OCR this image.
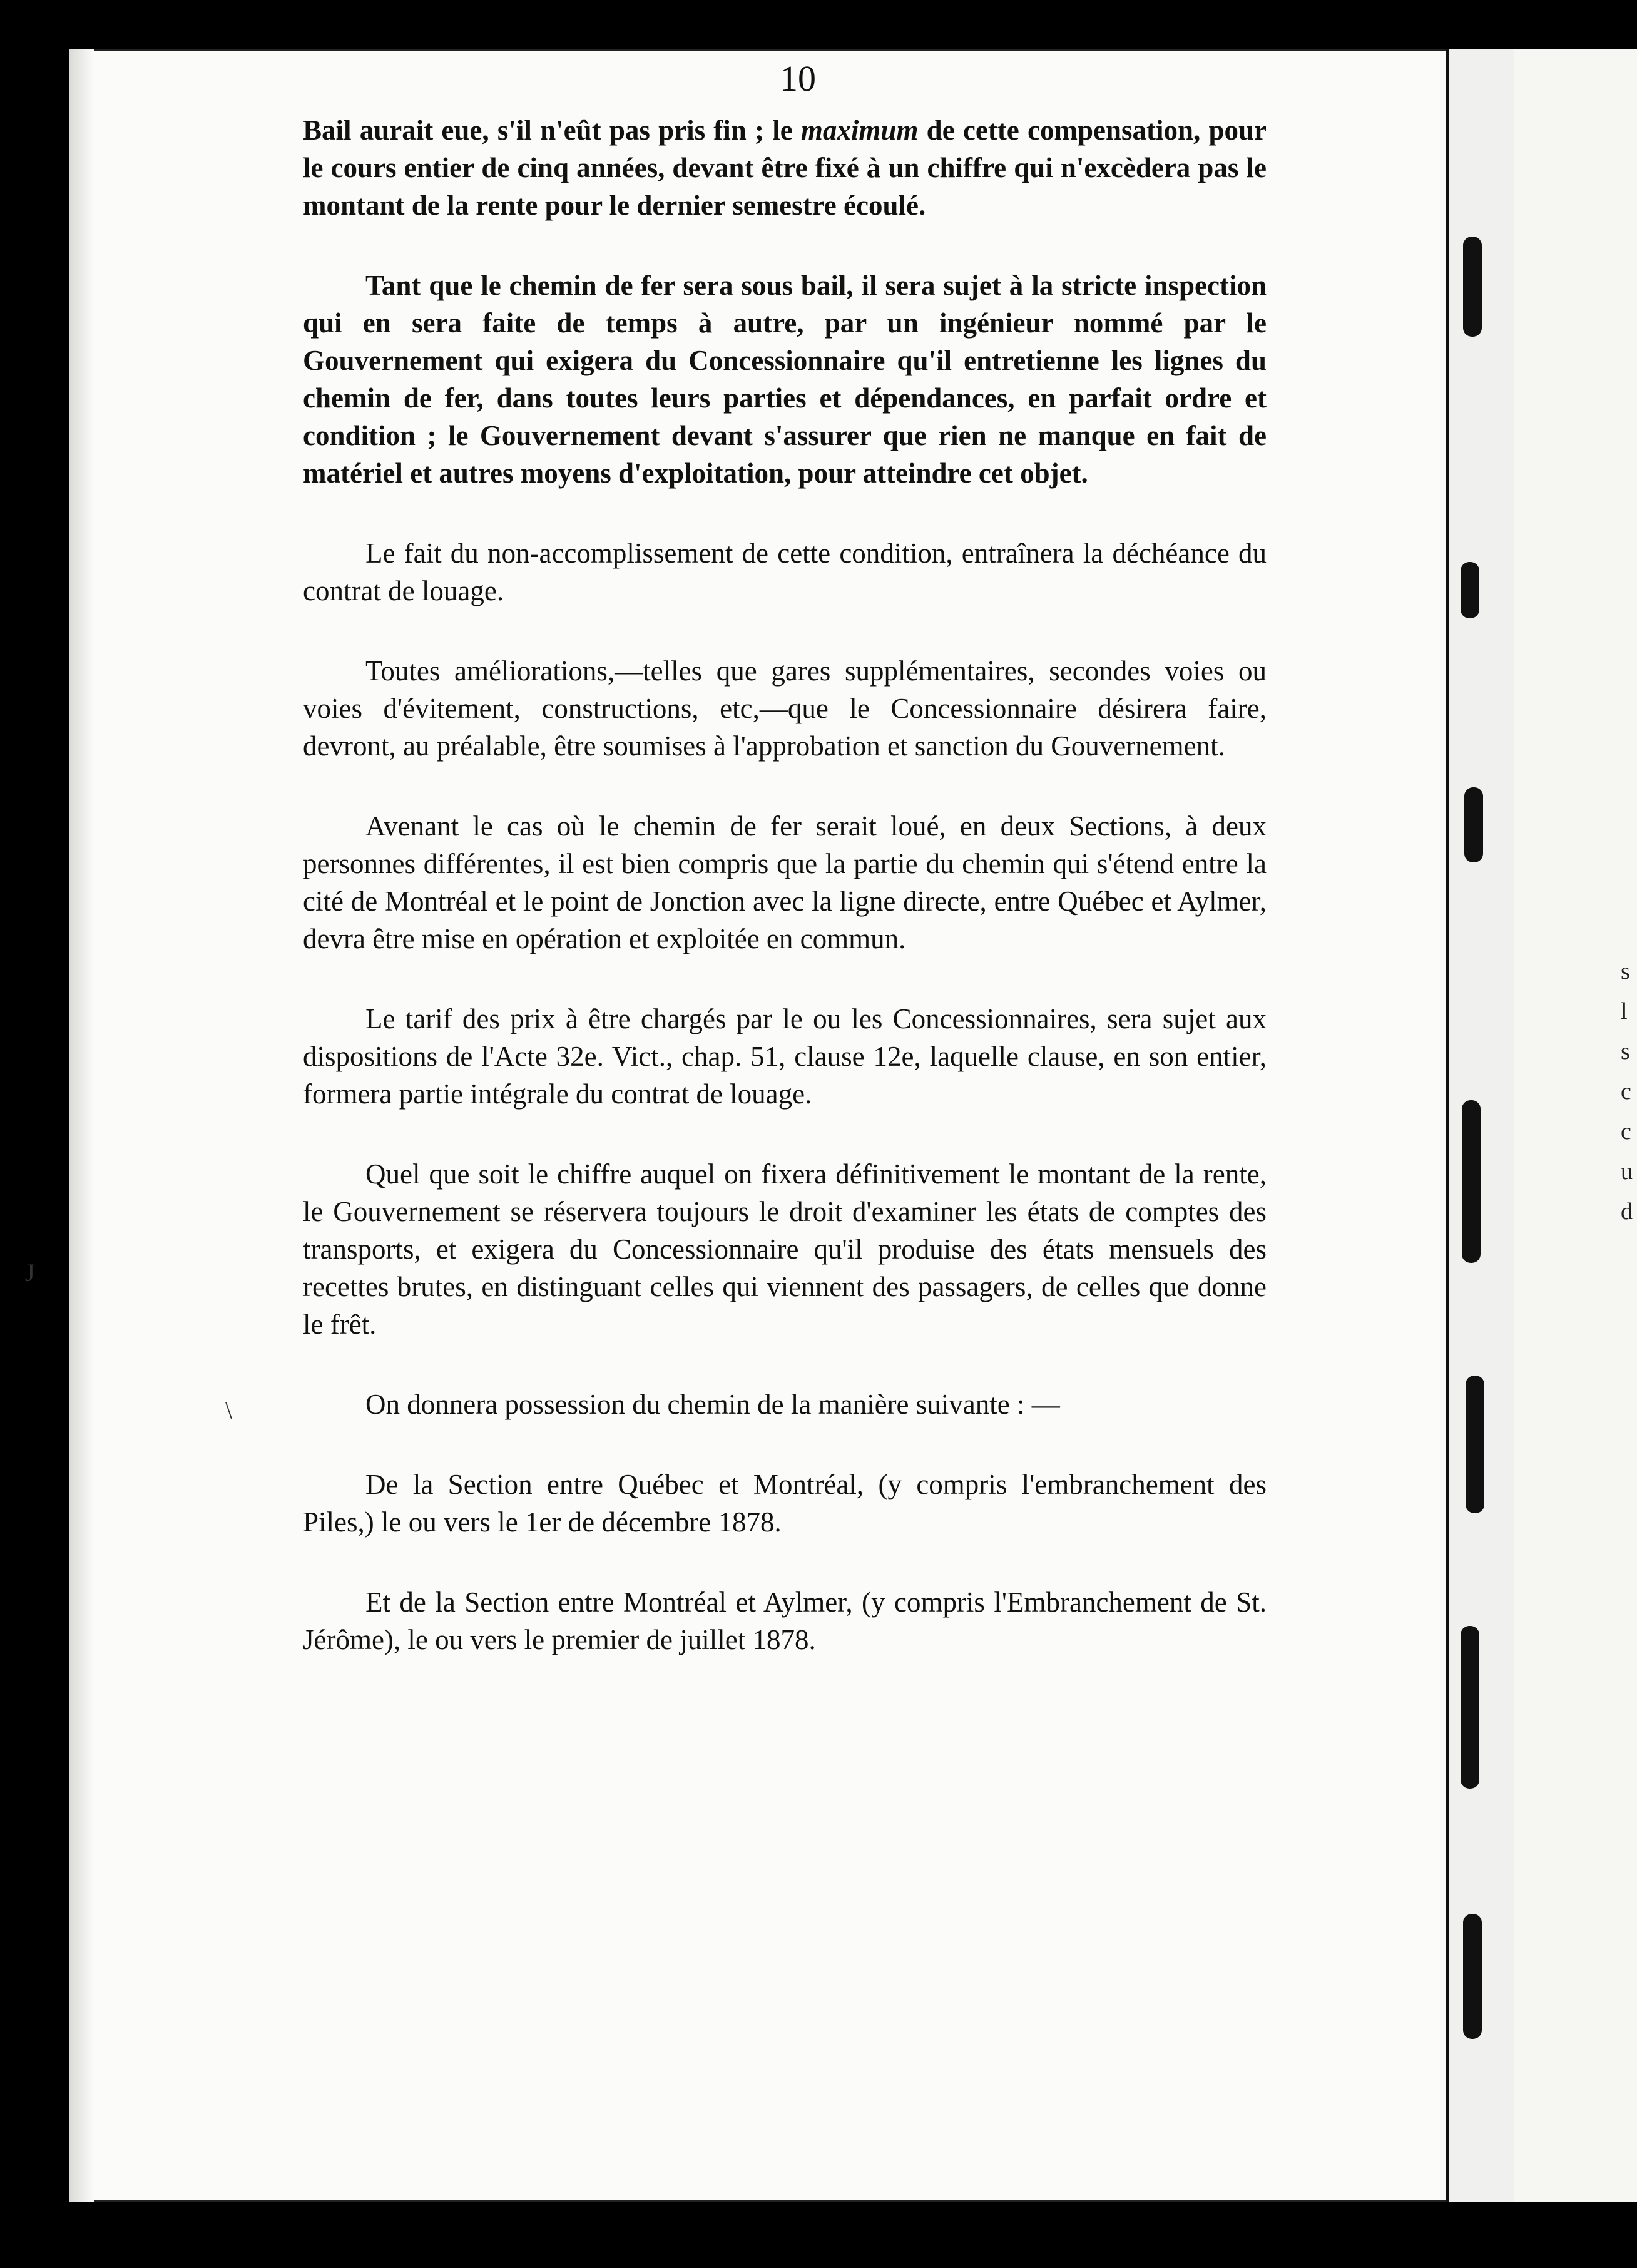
s
l
s
c
c
u
d
J
\
10

Bail aurait eue, s'il n'eût pas pris fin ; le maximum de cette compensation, pour le cours entier de cinq années, devant être fixé à un chiffre qui n'excèdera pas le montant de la rente pour le dernier semestre écoulé.

Tant que le chemin de fer sera sous bail, il sera sujet à la stricte inspection qui en sera faite de temps à autre, par un ingénieur nommé par le Gouvernement qui exigera du Concessionnaire qu'il entretienne les lignes du chemin de fer, dans toutes leurs parties et dépendances, en parfait ordre et condition ; le Gouvernement devant s'assurer que rien ne manque en fait de matériel et autres moyens d'exploitation, pour atteindre cet objet.

Le fait du non-accomplissement de cette condition, entraînera la déchéance du contrat de louage.

Toutes améliorations,—telles que gares supplémentaires, secondes voies ou voies d'évitement, constructions, etc,—que le Concessionnaire désirera faire, devront, au préalable, être soumises à l'approbation et sanction du Gouvernement.

Avenant le cas où le chemin de fer serait loué, en deux Sections, à deux personnes différentes, il est bien compris que la partie du chemin qui s'étend entre la cité de Montréal et le point de Jonction avec la ligne directe, entre Québec et Aylmer, devra être mise en opération et exploitée en commun.

Le tarif des prix à être chargés par le ou les Concessionnaires, sera sujet aux dispositions de l'Acte 32e. Vict., chap. 51, clause 12e, laquelle clause, en son entier, formera partie intégrale du contrat de louage.

Quel que soit le chiffre auquel on fixera définitivement le montant de la rente, le Gouvernement se réservera toujours le droit d'examiner les états de comptes des transports, et exigera du Concessionnaire qu'il produise des états mensuels des recettes brutes, en distinguant celles qui viennent des passagers, de celles que donne le frêt.

On donnera possession du chemin de la manière suivante : —

De la Section entre Québec et Montréal, (y compris l'embranchement des Piles,) le ou vers le 1er de décembre 1878.

Et de la Section entre Montréal et Aylmer, (y compris l'Embranchement de St. Jérôme), le ou vers le premier de juillet 1878.
